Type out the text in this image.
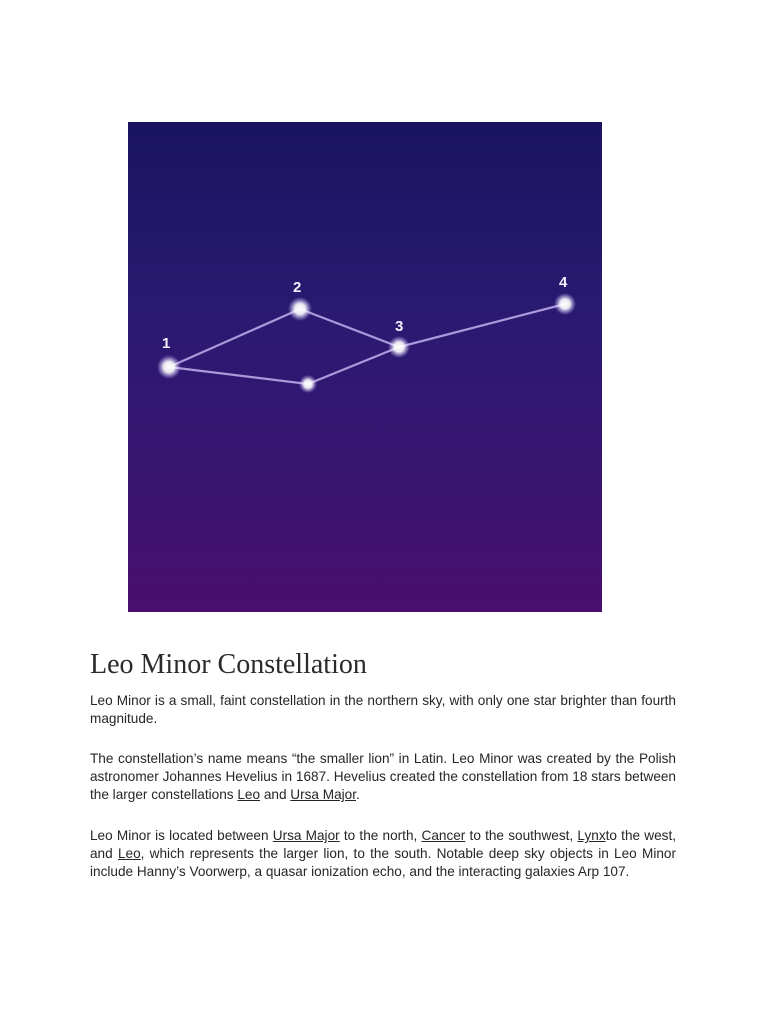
1
2
3
4
Leo Minor Constellation

Leo Minor is a small, faint constellation in the northern sky, with only one star brighter than fourth magnitude.

The constellation’s name means “the smaller lion” in Latin. Leo Minor was created by the Polish astronomer Johannes Hevelius in 1687. Hevelius created the constellation from 18 stars between the larger constellations Leo and Ursa Major.

Leo Minor is located between Ursa Major to the north, Cancer to the southwest, Lynxto the west, and Leo, which represents the larger lion, to the south. Notable deep sky objects in Leo Minor include Hanny’s Voorwerp, a quasar ionization echo, and the interacting galaxies Arp 107.
